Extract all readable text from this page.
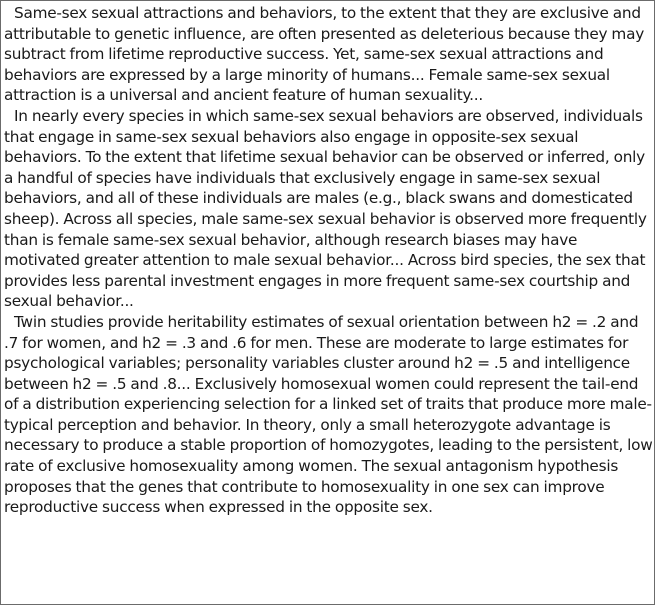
Same-sex sexual attractions and behaviors, to the extent that they are exclusive and attributable to genetic influence, are often presented as deleterious because they may subtract from lifetime reproductive success. Yet, same-sex sexual attractions and behaviors are expressed by a large minority of humans... Female same-sex sexual attraction is a universal and ancient feature of human sexuality...

In nearly every species in which same-sex sexual behaviors are observed, individuals that engage in same-sex sexual behaviors also engage in opposite-sex sexual behaviors. To the extent that lifetime sexual behavior can be observed or inferred, only a handful of species have individuals that exclusively engage in same-sex sexual behaviors, and all of these individuals are males (e.g., black swans and domesticated sheep). Across all species, male same-sex sexual behavior is observed more frequently than is female same-sex sexual behavior, although research biases may have motivated greater attention to male sexual behavior... Across bird species, the sex that provides less parental investment engages in more frequent same-sex courtship and sexual behavior...

Twin studies provide heritability estimates of sexual orientation between h2 = .2 and .7 for women, and h2 = .3 and .6 for men. These are moderate to large estimates for psychological variables; personality variables cluster around h2 = .5 and intelligence between h2 = .5 and .8... Exclusively homosexual women could represent the tail-end of a distribution experiencing selection for a linked set of traits that produce more male-typical perception and behavior. In theory, only a small heterozygote advantage is necessary to produce a stable proportion of homozygotes, leading to the persistent, low rate of exclusive homosexuality among women. The sexual antagonism hypothesis proposes that the genes that contribute to homosexuality in one sex can improve reproductive success when expressed in the opposite sex.
